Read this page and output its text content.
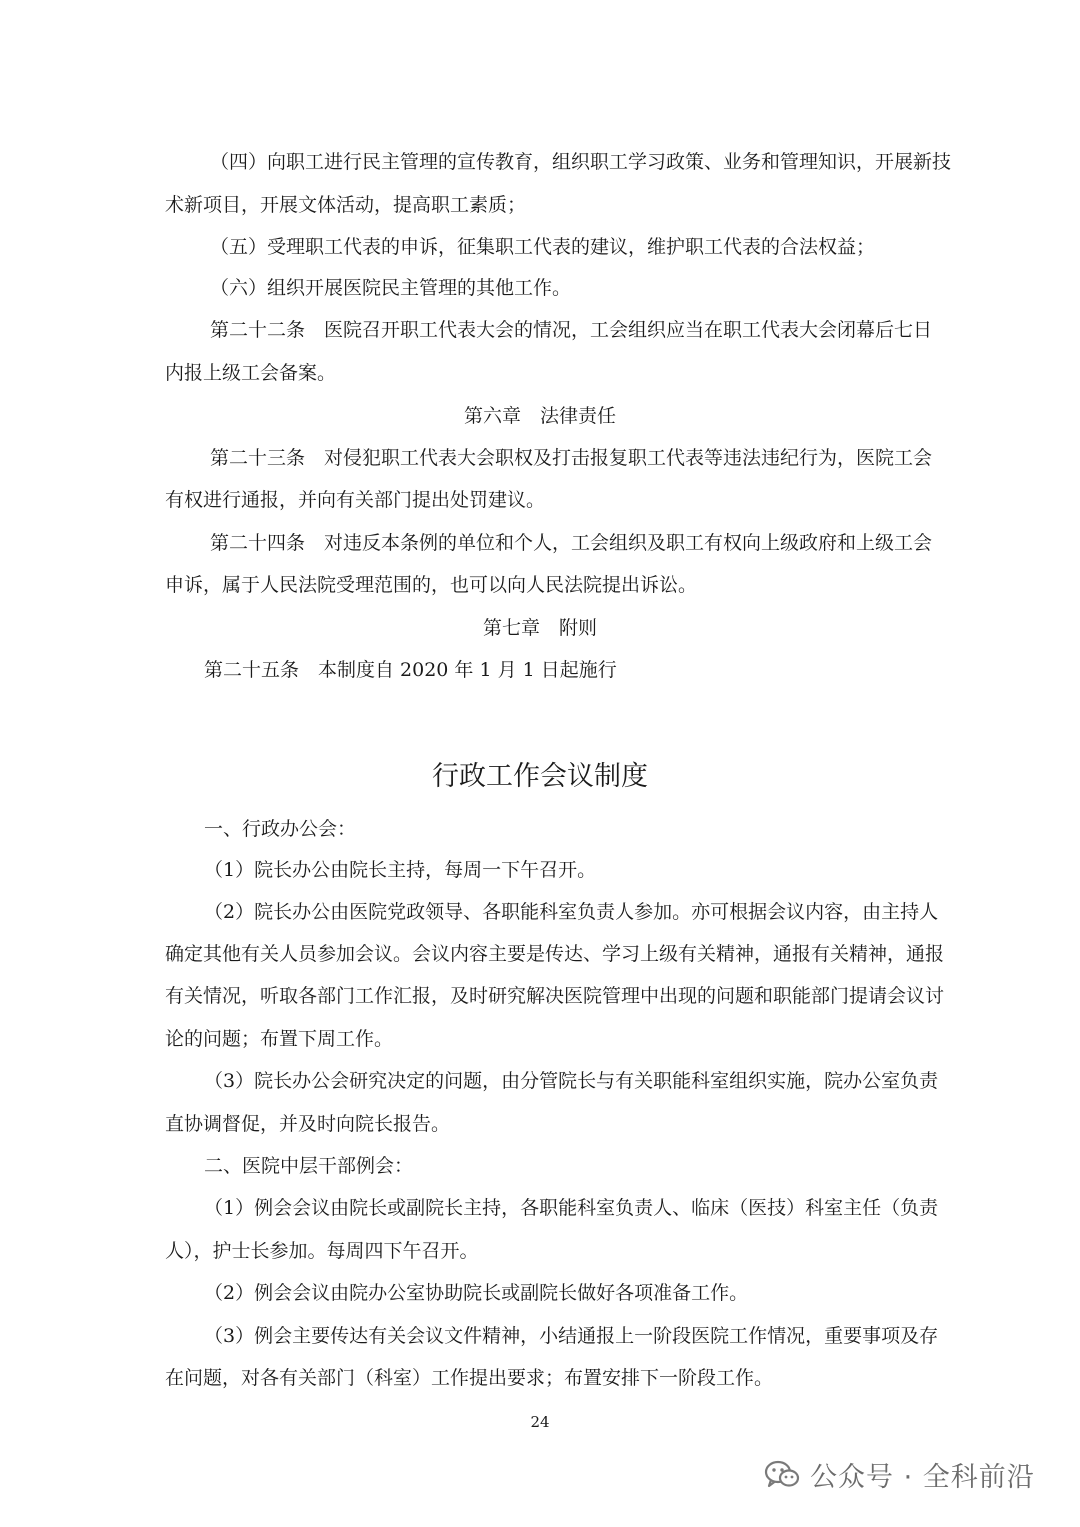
（四）向职工进行民主管理的宣传教育，组织职工学习政策、业务和管理知识，开展新技
术新项目，开展文体活动，提高职工素质；
（五）受理职工代表的申诉，征集职工代表的建议，维护职工代表的合法权益；
（六）组织开展医院民主管理的其他工作。
第二十二条　医院召开职工代表大会的情况，工会组织应当在职工代表大会闭幕后七日
内报上级工会备案。
第六章　法律责任
第二十三条　对侵犯职工代表大会职权及打击报复职工代表等违法违纪行为，医院工会
有权进行通报，并向有关部门提出处罚建议。
第二十四条　对违反本条例的单位和个人，工会组织及职工有权向上级政府和上级工会
申诉，属于人民法院受理范围的，也可以向人民法院提出诉讼。
第七章　附则
第二十五条　本制度自 2020 年 1 月 1 日起施行
行政工作会议制度
一、行政办公会：
（1）院长办公由院长主持，每周一下午召开。
（2）院长办公由医院党政领导、各职能科室负责人参加。亦可根据会议内容，由主持人
确定其他有关人员参加会议。会议内容主要是传达、学习上级有关精神，通报有关精神，通报
有关情况，听取各部门工作汇报，及时研究解决医院管理中出现的问题和职能部门提请会议讨
论的问题；布置下周工作。
（3）院长办公会研究决定的问题，由分管院长与有关职能科室组织实施，院办公室负责
直协调督促，并及时向院长报告。
二、医院中层干部例会：
（1）例会会议由院长或副院长主持，各职能科室负责人、临床（医技）科室主任（负责
人），护士长参加。每周四下午召开。
（2）例会会议由院办公室协助院长或副院长做好各项准备工作。
（3）例会主要传达有关会议文件精神，小结通报上一阶段医院工作情况，重要事项及存
在问题，对各有关部门（科室）工作提出要求；布置安排下一阶段工作。
24
公众号 · 全科前沿
